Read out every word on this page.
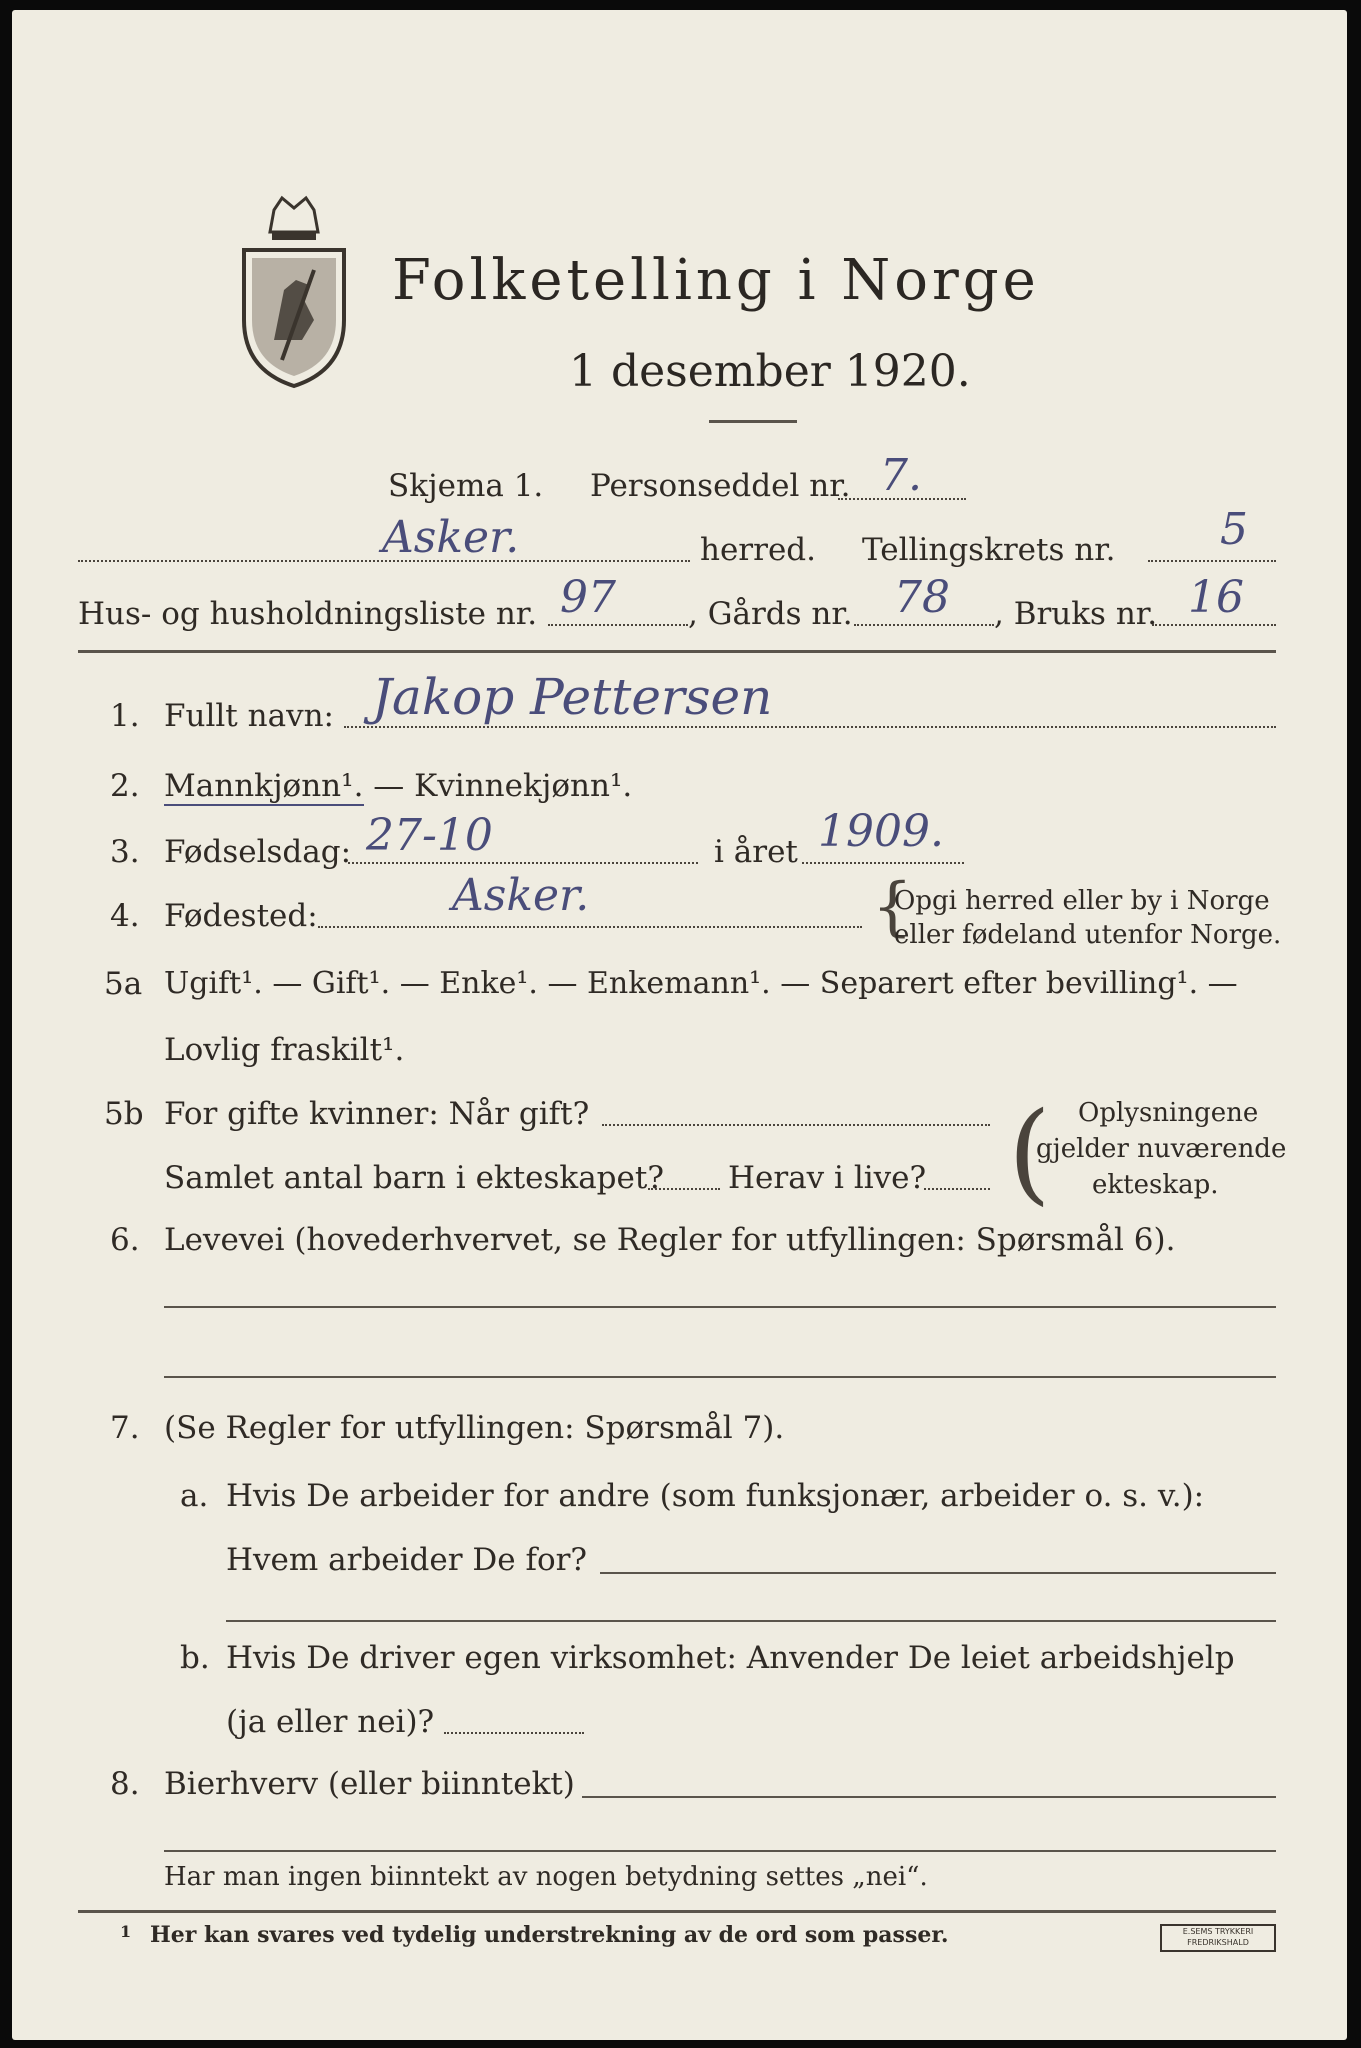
Folketelling i Norge
1 desember 1920.
Skjema 1. Personseddel nr. 7.
Asker.	herred. Tellingskrets nr. 5
Hus- og husholdningsliste nr. 97 , Gårds nr. 78 , Bruks nr. 16
1. Fullt navn: Jakop Pettersen
2. Mannkjønn¹. — Kvinnekjønn¹.
3. Fødselsdag: 27-10	i året 1909.
4. Fødested:	Asker.	{
Opgi herred eller by i Norge
eller fødeland utenfor Norge.
5a Ugift¹. — Gift¹. — Enke¹. — Enkemann¹. — Separert efter bevilling¹. —
Lovlig fraskilt¹.
5b For gifte kvinner: Når gift?
Samlet antal barn i ekteskapet? Herav i live? ( Oplysningene
gjelder nuværende
ekteskap.
6. Levevei (hovederhvervet, se Regler for utfyllingen: Spørsmål 6).
7. (Se Regler for utfyllingen: Spørsmål 7).
a. Hvis De arbeider for andre (som funksjonær, arbeider o. s. v.):
Hvem arbeider De for?
b. Hvis De driver egen virksomhet: Anvender De leiet arbeidshjelp
(ja eller nei)?
8. Bierhverv (eller biinntekt)
Har man ingen biinntekt av nogen betydning settes „nei“.
1 Her kan svares ved tydelig understrekning av de ord som passer.	E.SEMS TRYKKERI FREDRIKSHALD
